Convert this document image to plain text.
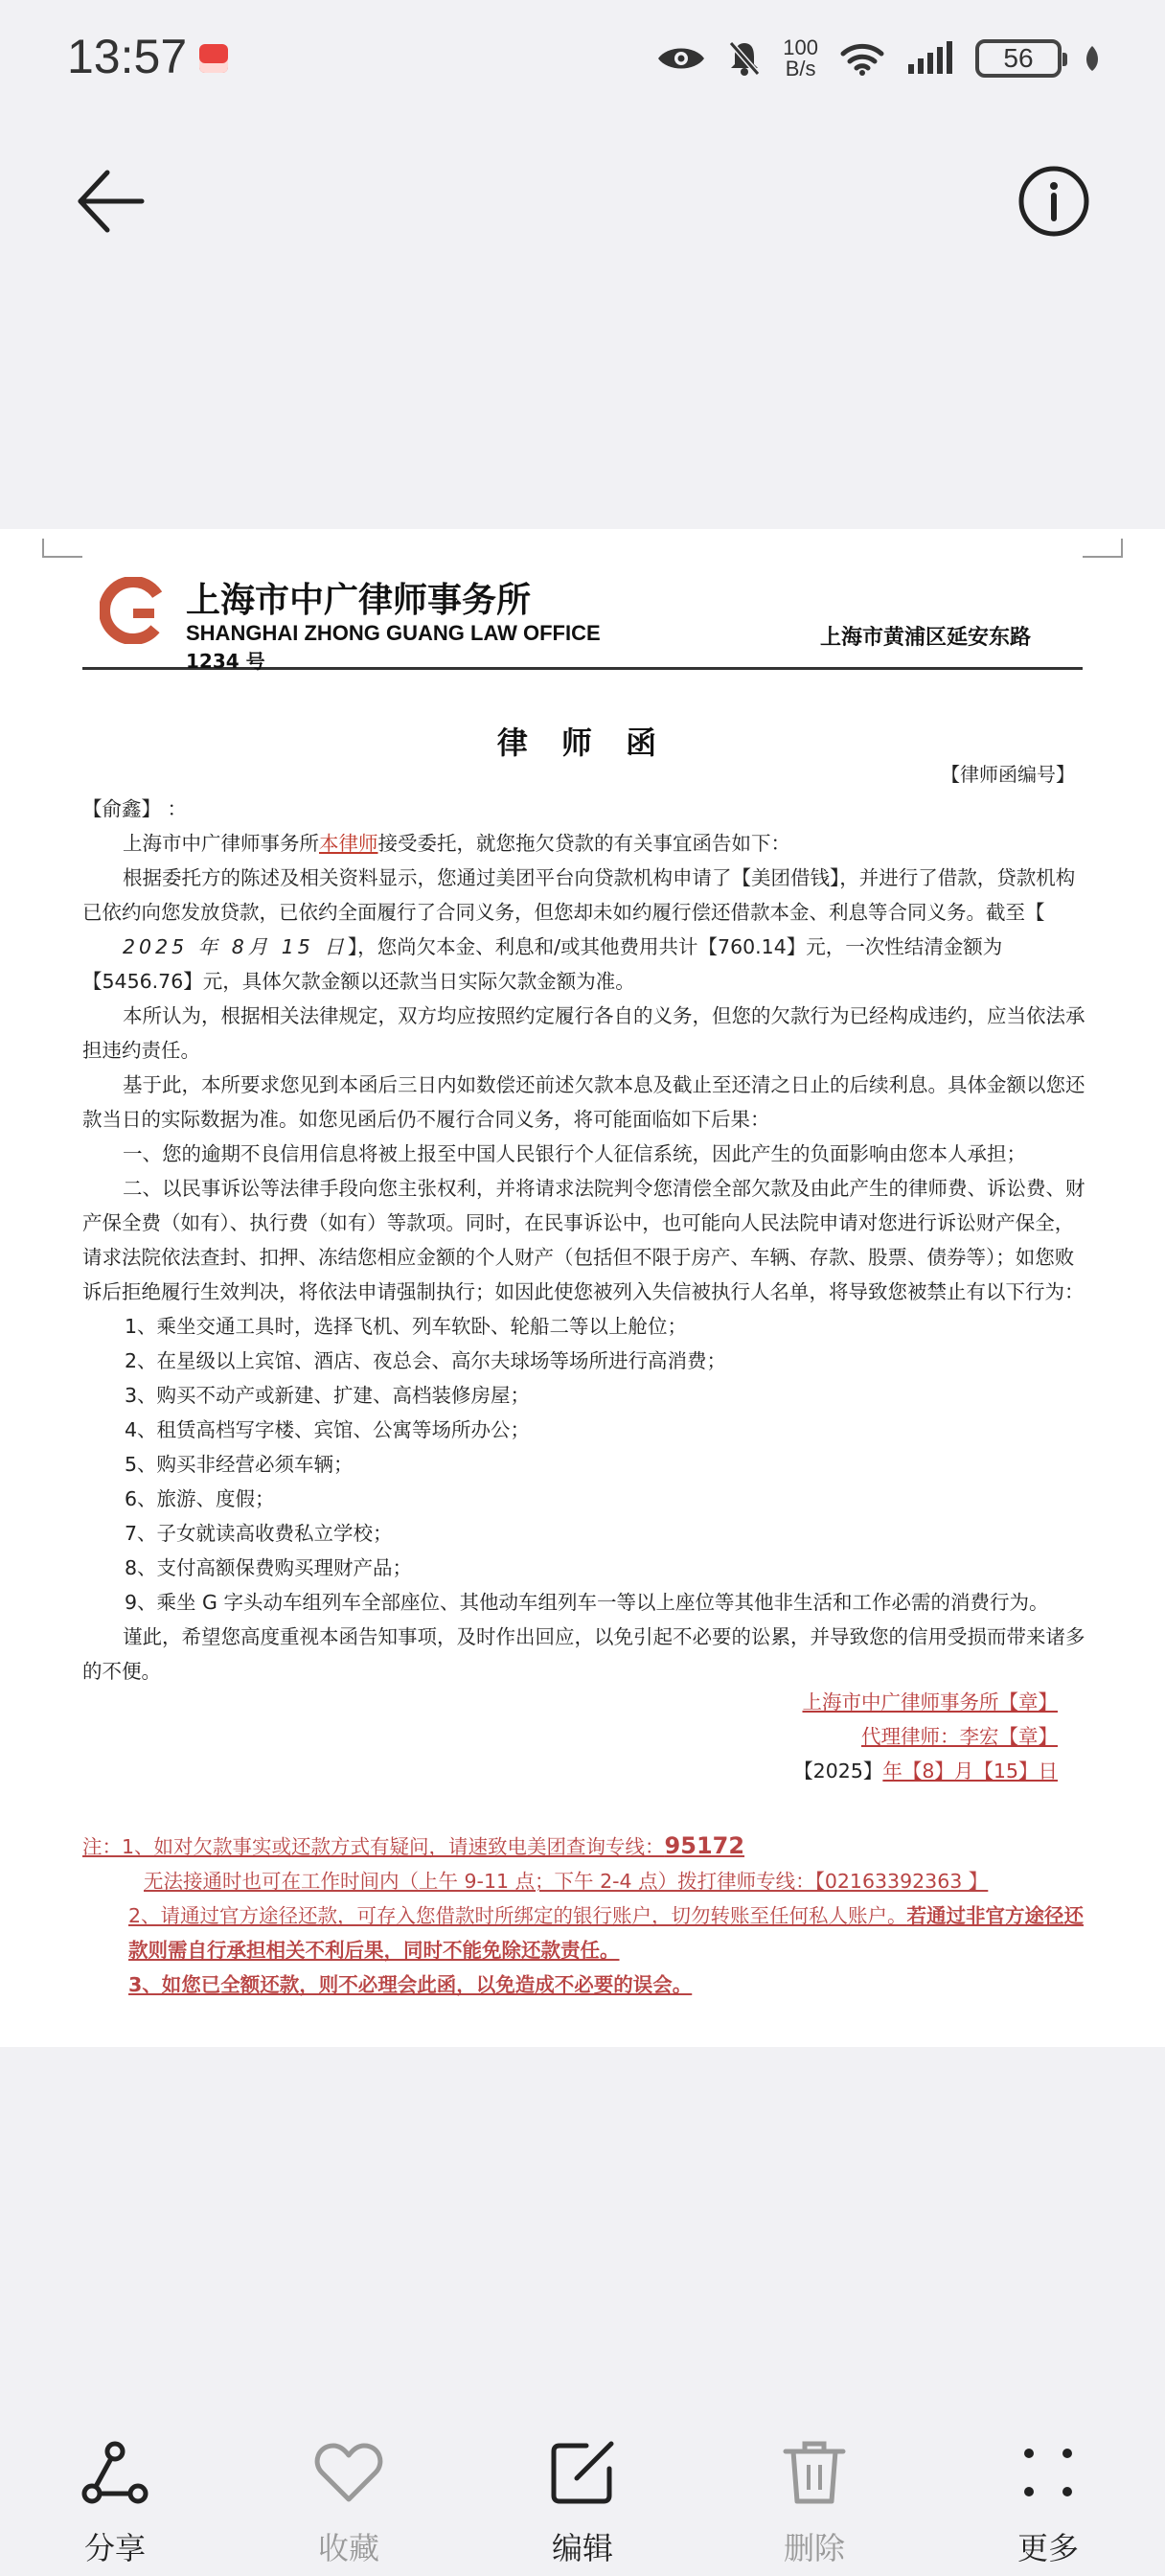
13:57	100
B/s	56
上海市中广律师事务所
SHANGHAI ZHONG GUANG LAW OFFICE
1234 号
上海市黄浦区延安东路
律 师 函
【律师函编号】

【俞鑫】 ：

上海市中广律师事务所本律师接受委托，就您拖欠贷款的有关事宜函告如下：

根据委托方的陈述及相关资料显示，您通过美团平台向贷款机构申请了【美团借钱】，并进行了借款，贷款机构已依约向您发放贷款，已依约全面履行了合同义务，但您却未如约履行偿还借款本金、利息等合同义务。截至【2025 年 8月 15 日】，您尚欠本金、利息和/或其他费用共计【760.14】元，一次性结清金额为【5456.76】元，具体欠款金额以还款当日实际欠款金额为准。

本所认为，根据相关法律规定，双方均应按照约定履行各自的义务，但您的欠款行为已经构成违约，应当依法承担违约责任。

基于此，本所要求您见到本函后三日内如数偿还前述欠款本息及截止至还清之日止的后续利息。具体金额以您还款当日的实际数据为准。如您见函后仍不履行合同义务，将可能面临如下后果：

一、您的逾期不良信用信息将被上报至中国人民银行个人征信系统，因此产生的负面影响由您本人承担；

二、以民事诉讼等法律手段向您主张权利，并将请求法院判令您清偿全部欠款及由此产生的律师费、诉讼费、财产保全费（如有）、执行费（如有）等款项。同时，在民事诉讼中，也可能向人民法院申请对您进行诉讼财产保全，请求法院依法查封、扣押、冻结您相应金额的个人财产（包括但不限于房产、车辆、存款、股票、债券等）；如您败诉后拒绝履行生效判决，将依法申请强制执行；如因此使您被列入失信被执行人名单，将导致您被禁止有以下行为：

1、乘坐交通工具时，选择飞机、列车软卧、轮船二等以上舱位；

2、在星级以上宾馆、酒店、夜总会、高尔夫球场等场所进行高消费；

3、购买不动产或新建、扩建、高档装修房屋；

4、租赁高档写字楼、宾馆、公寓等场所办公；

5、购买非经营必须车辆；

6、旅游、度假；

7、子女就读高收费私立学校；

8、支付高额保费购买理财产品；

9、乘坐 G 字头动车组列车全部座位、其他动车组列车一等以上座位等其他非生活和工作必需的消费行为。

谨此，希望您高度重视本函告知事项，及时作出回应，以免引起不必要的讼累，并导致您的信用受损而带来诸多的不便。

上海市中广律师事务所【章】
代理律师：李宏【章】
【2025】年【8】月【15】日

注：1、如对欠款事实或还款方式有疑问，请速致电美团查询专线：95172

无法接通时也可在工作时间内（上午 9-11 点；下午 2-4 点）拨打律师专线：【02163392363 】

2、请通过官方途径还款，可存入您借款时所绑定的银行账户，切勿转账至任何私人账户。若通过非官方途径还款则需自行承担相关不利后果，同时不能免除还款责任。

3、如您已全额还款，则不必理会此函，以免造成不必要的误会。

分享	收藏	编辑	删除	更多
